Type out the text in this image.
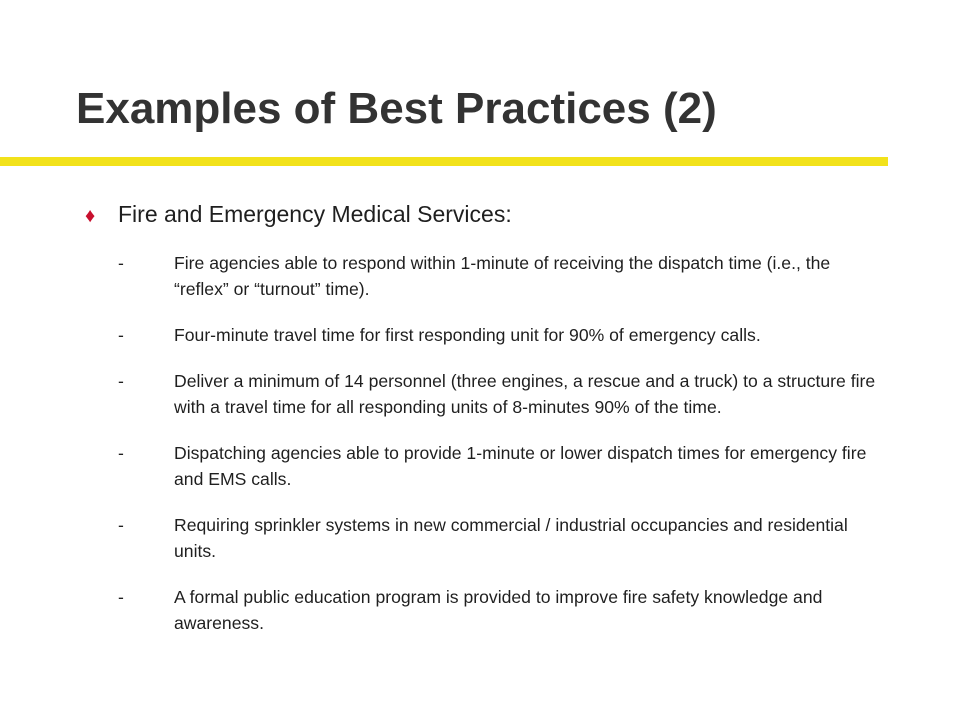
Examples of Best Practices (2)
♦ Fire and Emergency Medical Services:
-	Fire agencies able to respond within 1-minute of receiving the dispatch time (i.e., the “reflex” or “turnout” time).
-	Four-minute travel time for first responding unit for 90% of emergency calls.
-	Deliver a minimum of 14 personnel (three engines, a rescue and a truck) to a structure fire with a travel time for all responding units of 8-minutes 90% of the time.
-	Dispatching agencies able to provide 1-minute or lower dispatch times for emergency fire and EMS calls.
-	Requiring sprinkler systems in new commercial / industrial occupancies and residential units.
-	A formal public education program is provided to improve fire safety knowledge and awareness.
